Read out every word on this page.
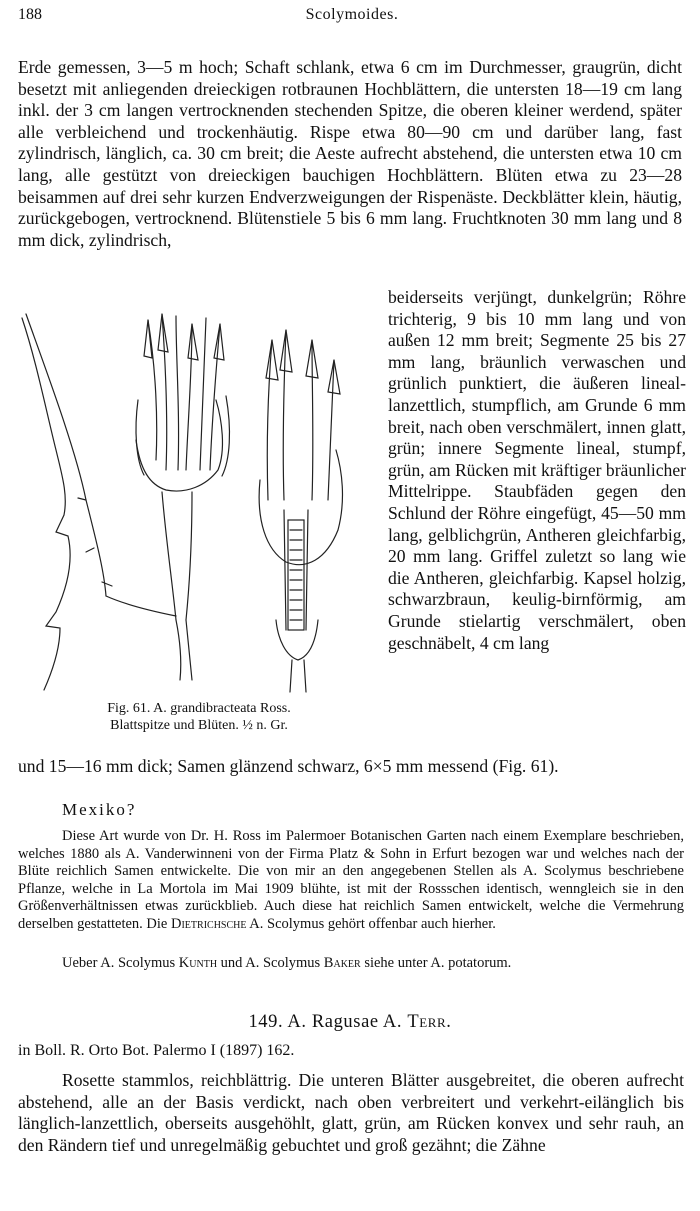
188	Scolymoides.

Erde gemessen, 3—5 m hoch; Schaft schlank, etwa 6 cm im Durchmesser, graugrün, dicht besetzt mit anliegenden dreieckigen rotbraunen Hochblättern, die untersten 18—19 cm lang inkl. der 3 cm langen vertrocknenden stechenden Spitze, die oberen kleiner werdend, später alle verbleichend und trockenhäutig. Rispe etwa 80—90 cm und darüber lang, fast zylindrisch, länglich, ca. 30 cm breit; die Aeste aufrecht abstehend, die untersten etwa 10 cm lang, alle gestützt von dreieckigen bauchigen Hochblättern. Blüten etwa zu 23—28 beisammen auf drei sehr kurzen Endverzweigungen der Rispenäste. Deckblätter klein, häutig, zurückgebogen, vertrocknend. Blütenstiele 5 bis 6 mm lang. Fruchtknoten 30 mm lang und 8 mm dick, zylindrisch,

beiderseits verjüngt, dunkelgrün; Röhre trichterig, 9 bis 10 mm lang und von außen 12 mm breit; Segmente 25 bis 27 mm lang, bräunlich verwaschen und grünlich punktiert, die äußeren lineal-lanzettlich, stumpflich, am Grunde 6 mm breit, nach oben verschmälert, innen glatt, grün; innere Segmente lineal, stumpf, grün, am Rücken mit kräftiger bräunlicher Mittelrippe. Staubfäden gegen den Schlund der Röhre eingefügt, 45—50 mm lang, gelblichgrün, Antheren gleichfarbig, 20 mm lang. Griffel zuletzt so lang wie die Antheren, gleichfarbig. Kapsel holzig, schwarzbraun, keulig-birnförmig, am Grunde stielartig verschmälert, oben geschnäbelt, 4 cm lang

Fig. 61. A. grandibracteata Ross.
Blattspitze und Blüten. ½ n. Gr.

und 15—16 mm dick; Samen glänzend schwarz, 6×5 mm messend (Fig. 61).

Mexiko?

Diese Art wurde von Dr. H. Ross im Palermoer Botanischen Garten nach einem Exemplare beschrieben, welches 1880 als A. Vanderwinneni von der Firma Platz & Sohn in Erfurt bezogen war und welches nach der Blüte reichlich Samen entwickelte. Die von mir an den angegebenen Stellen als A. Scolymus beschriebene Pflanze, welche in La Mortola im Mai 1909 blühte, ist mit der Rossschen identisch, wenngleich sie in den Größenverhältnissen etwas zurückblieb. Auch diese hat reichlich Samen entwickelt, welche die Vermehrung derselben gestatteten. Die Dietrichsche A. Scolymus gehört offenbar auch hierher.

Ueber A. Scolymus Kunth und A. Scolymus Baker siehe unter A. potatorum.

149. A. Ragusae A. Terr.
in Boll. R. Orto Bot. Palermo I (1897) 162.

Rosette stammlos, reichblättrig. Die unteren Blätter ausgebreitet, die oberen aufrecht abstehend, alle an der Basis verdickt, nach oben verbreitert und verkehrt-eilänglich bis länglich-lanzettlich, oberseits ausgehöhlt, glatt, grün, am Rücken konvex und sehr rauh, an den Rändern tief und unregelmäßig gebuchtet und groß gezähnt; die Zähne
